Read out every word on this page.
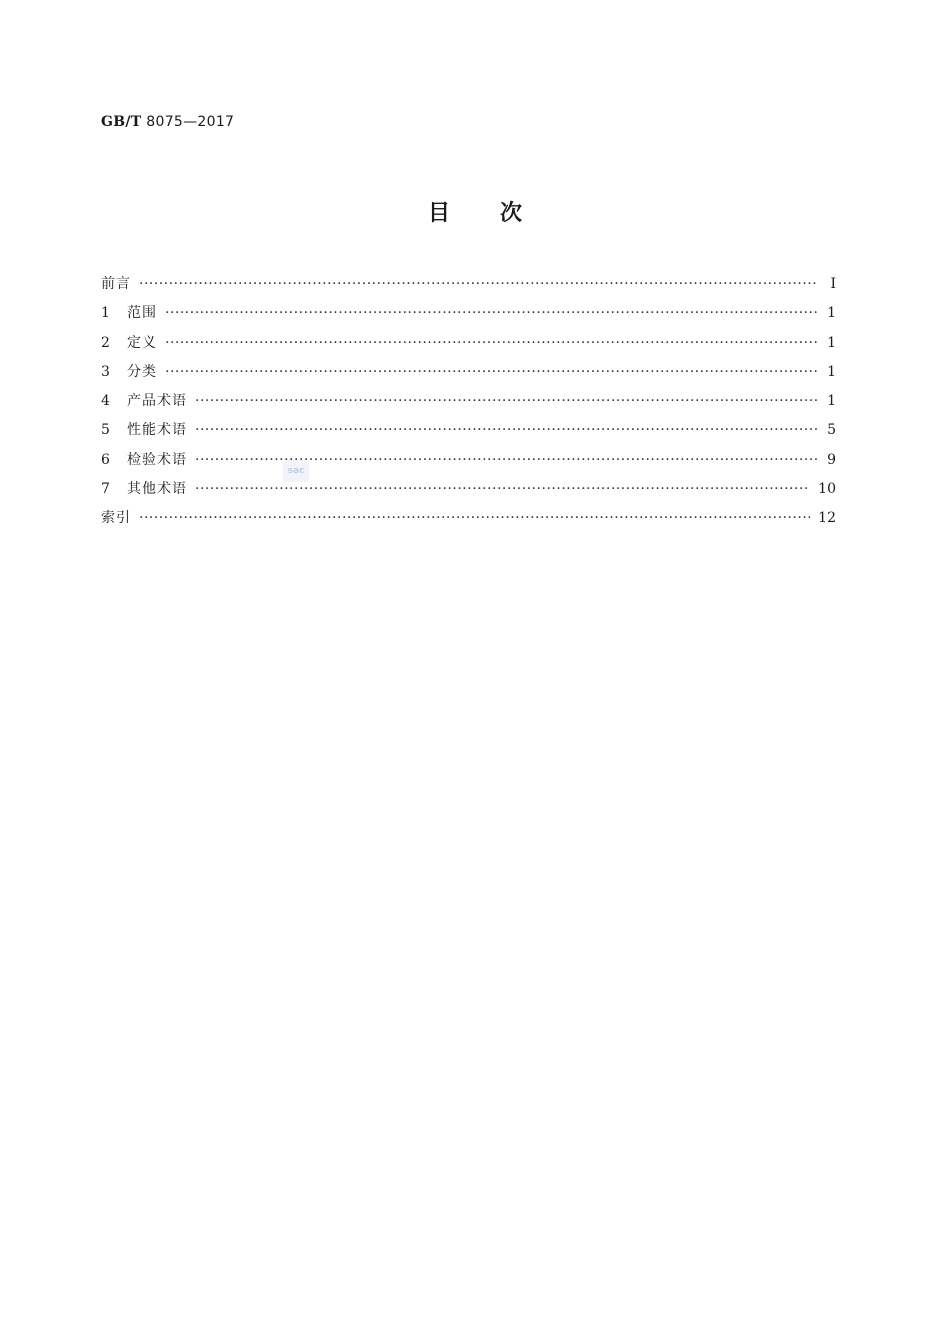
GB/T 8075—2017
目次
前言 ·····	Ⅰ
1	范围 ·····	1
2	定义 ·····	1
3	分类 ·····	1
4	产品术语 ·····	1
5	性能术语 ·····	5
6	检验术语 ·····	9
7	其他术语 ·····	10
索引 ·····	12
sac
